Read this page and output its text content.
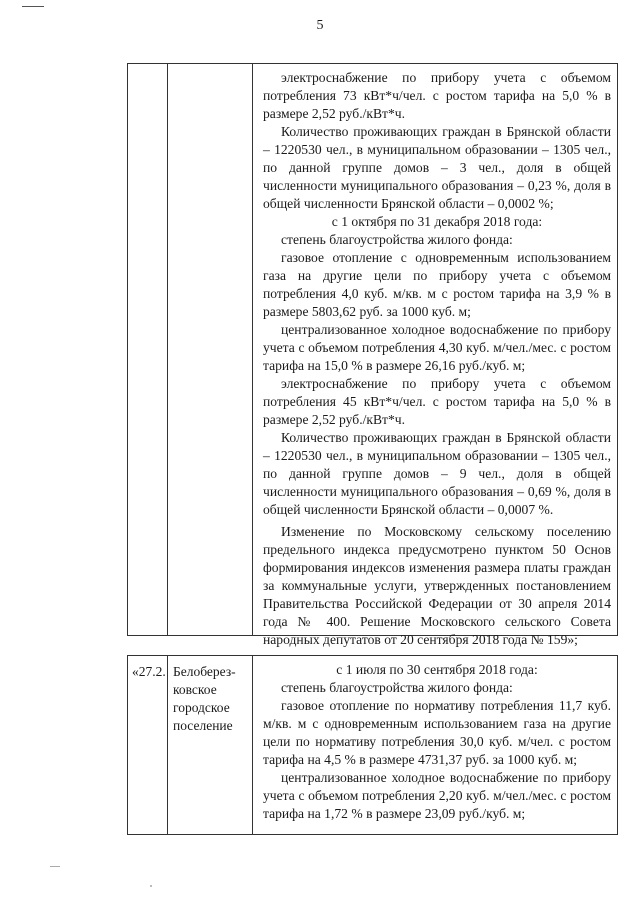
5

электроснабжение по прибору учета с объемом потребления 73 кВт*ч/чел. с ростом тарифа на 5,0 % в размере 2,52 руб./кВт*ч.

Количество проживающих граждан в Брянской области – 1220530 чел., в муниципальном образовании – 1305 чел., по данной группе домов – 3 чел., доля в общей численности муниципального образования – 0,23 %, доля в общей численности Брянской области – 0,0002 %;

с 1 октября по 31 декабря 2018 года:

степень благоустройства жилого фонда:

газовое отопление с одновременным использованием газа на другие цели по прибору учета с объемом потребления 4,0 куб. м/кв. м с ростом тарифа на 3,9 % в размере 5803,62 руб. за 1000 куб. м;

централизованное холодное водоснабжение по прибору учета с объемом потребления 4,30 куб. м/чел./мес. с ростом тарифа на 15,0 % в размере 26,16 руб./куб. м;

электроснабжение по прибору учета с объемом потребления 45 кВт*ч/чел. с ростом тарифа на 5,0 % в размере 2,52 руб./кВт*ч.

Количество проживающих граждан в Брянской области – 1220530 чел., в муниципальном образовании – 1305 чел., по данной группе домов – 9 чел., доля в общей численности муниципального образования – 0,69 %, доля в общей численности Брянской области – 0,0007 %.

Изменение по Московскому сельскому поселению предельного индекса предусмотрено пунктом 50 Основ формирования индексов изменения размера платы граждан за коммунальные услуги, утвержденных постановлением Правительства Российской Федерации от 30 апреля 2014 года № 400. Решение Московского сельского Совета народных депутатов от 20 сентября 2018 года № 159»;

«27.2. Белоберез-ковское городское поселение

с 1 июля по 30 сентября 2018 года:

степень благоустройства жилого фонда:

газовое отопление по нормативу потребления 11,7 куб. м/кв. м с одновременным использованием газа на другие цели по нормативу потребления 30,0 куб. м/чел. с ростом тарифа на 4,5 % в размере 4731,37 руб. за 1000 куб. м;

централизованное холодное водоснабжение по прибору учета с объемом потребления 2,20 куб. м/чел./мес. с ростом тарифа на 1,72 % в размере 23,09 руб./куб. м;
